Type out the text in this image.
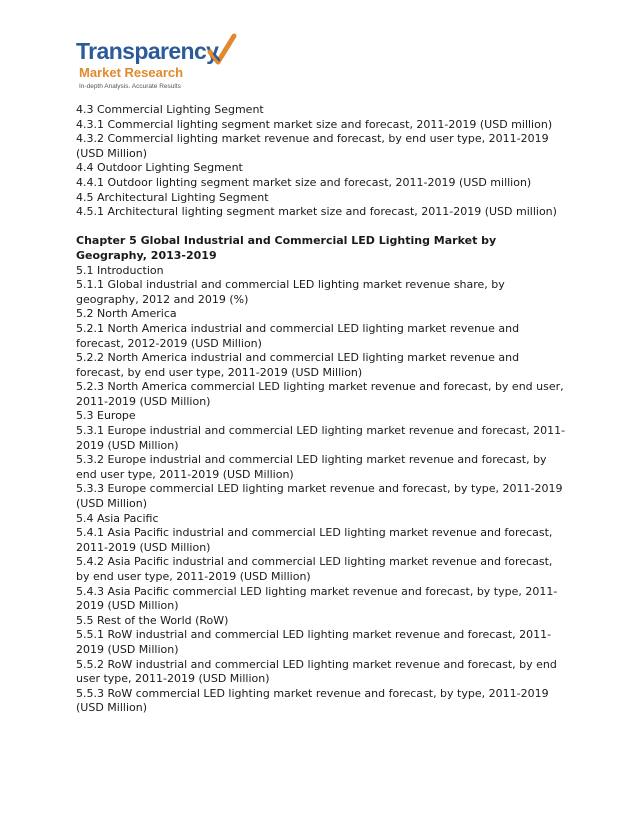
Transparency
Market Research
In-depth Analysis. Accurate Results

4.3 Commercial Lighting Segment

4.3.1 Commercial lighting segment market size and forecast, 2011-2019 (USD million)

4.3.2 Commercial lighting market revenue and forecast, by end user type, 2011-2019 (USD Million)

4.4 Outdoor Lighting Segment

4.4.1 Outdoor lighting segment market size and forecast, 2011-2019 (USD million)

4.5 Architectural Lighting Segment

4.5.1 Architectural lighting segment market size and forecast, 2011-2019 (USD million)

Chapter 5 Global Industrial and Commercial LED Lighting Market by Geography, 2013-2019

5.1 Introduction

5.1.1 Global industrial and commercial LED lighting market revenue share, by geography, 2012 and 2019 (%)

5.2 North America

5.2.1 North America industrial and commercial LED lighting market revenue and forecast, 2012-2019 (USD Million)

5.2.2 North America industrial and commercial LED lighting market revenue and forecast, by end user type, 2011-2019 (USD Million)

5.2.3 North America commercial LED lighting market revenue and forecast, by end user, 2011-2019 (USD Million)

5.3 Europe

5.3.1 Europe industrial and commercial LED lighting market revenue and forecast, 2011-2019 (USD Million)

5.3.2 Europe industrial and commercial LED lighting market revenue and forecast, by end user type, 2011-2019 (USD Million)

5.3.3 Europe commercial LED lighting market revenue and forecast, by type, 2011-2019 (USD Million)

5.4 Asia Pacific

5.4.1 Asia Pacific industrial and commercial LED lighting market revenue and forecast, 2011-2019 (USD Million)

5.4.2 Asia Pacific industrial and commercial LED lighting market revenue and forecast, by end user type, 2011-2019 (USD Million)

5.4.3 Asia Pacific commercial LED lighting market revenue and forecast, by type, 2011-2019 (USD Million)

5.5 Rest of the World (RoW)

5.5.1 RoW industrial and commercial LED lighting market revenue and forecast, 2011-2019 (USD Million)

5.5.2 RoW industrial and commercial LED lighting market revenue and forecast, by end user type, 2011-2019 (USD Million)

5.5.3 RoW commercial LED lighting market revenue and forecast, by type, 2011-2019 (USD Million)
